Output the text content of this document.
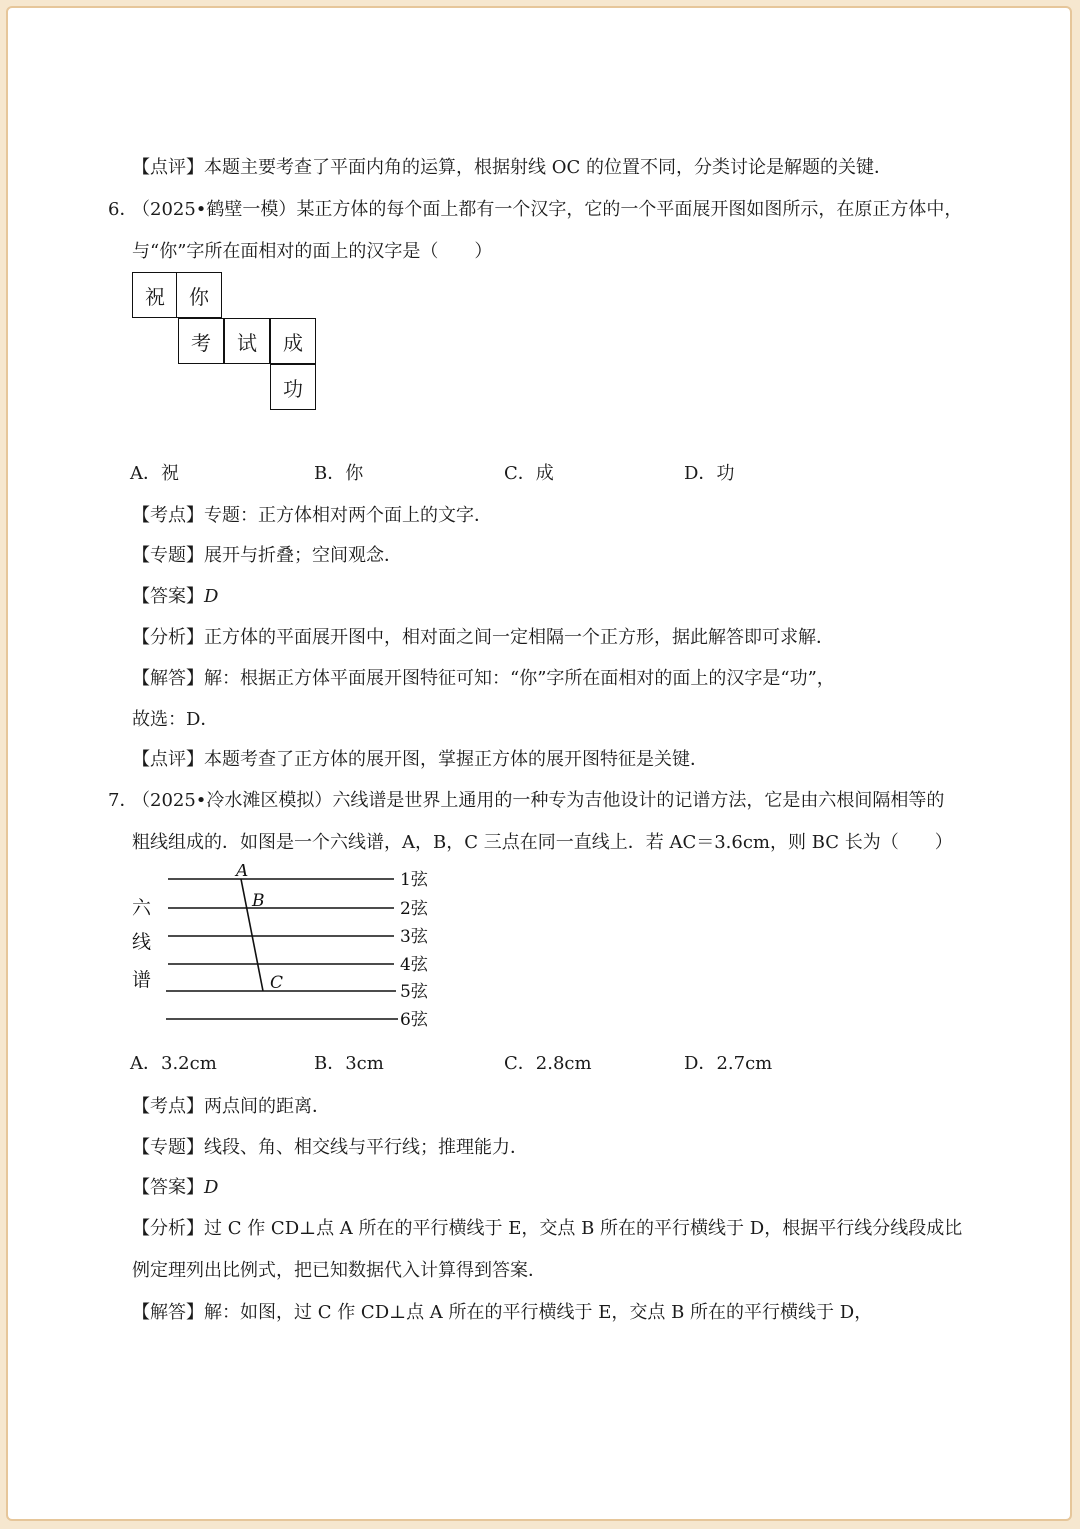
【点评】本题主要考查了平面内角的运算，根据射线 OC 的位置不同，分类讨论是解题的关键．
6．
（2025•鹤壁一模）某正方体的每个面上都有一个汉字，它的一个平面展开图如图所示，在原正方体中，
与“你”字所在面相对的面上的汉字是（　　）
祝	你
考	试	成
功
A．祝	B．你	C．成	D．功
【考点】专题：正方体相对两个面上的文字．
【专题】展开与折叠；空间观念．
【答案】D
【分析】正方体的平面展开图中，相对面之间一定相隔一个正方形，据此解答即可求解．
【解答】解：根据正方体平面展开图特征可知：“你”字所在面相对的面上的汉字是“功”，
故选：D．
【点评】本题考查了正方体的展开图，掌握正方体的展开图特征是关键．
7．
（2025•冷水滩区模拟）六线谱是世界上通用的一种专为吉他设计的记谱方法，它是由六根间隔相等的
粗线组成的．如图是一个六线谱，A，B，C 三点在同一直线上．若 AC＝3.6cm，则 BC 长为（　　）
A
B
C
1弦
2弦
3弦
4弦
5弦
6弦
六
线
谱
A．3.2cm	B．3cm	C．2.8cm	D．2.7cm
【考点】两点间的距离．
【专题】线段、角、相交线与平行线；推理能力．
【答案】D
【分析】过 C 作 CD⊥点 A 所在的平行横线于 E，交点 B 所在的平行横线于 D，根据平行线分线段成比
例定理列出比例式，把已知数据代入计算得到答案．
【解答】解：如图，过 C 作 CD⊥点 A 所在的平行横线于 E，交点 B 所在的平行横线于 D，
